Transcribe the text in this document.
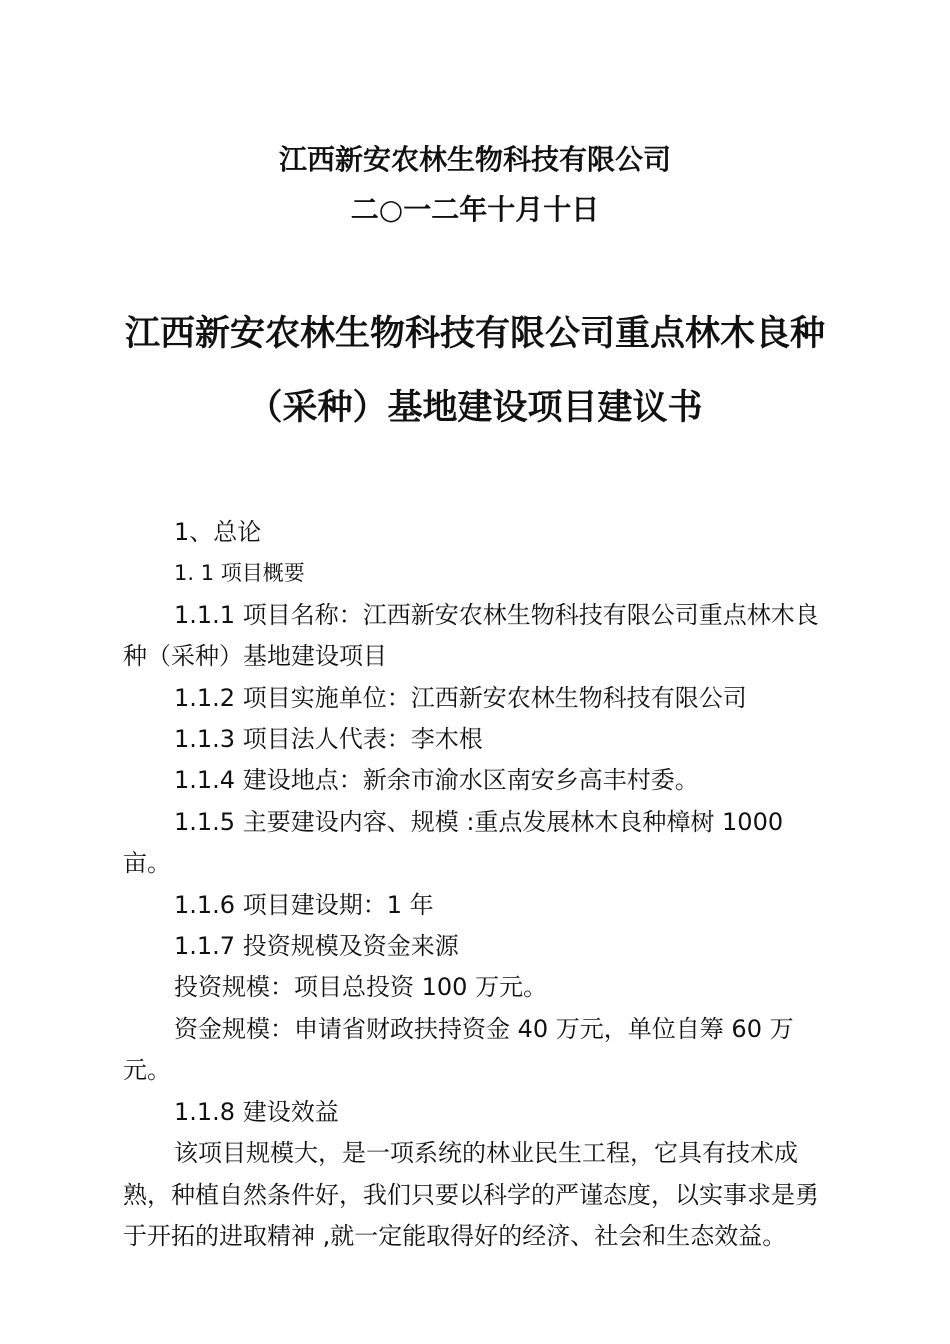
江西新安农林生物科技有限公司
二○一二年十月十日
江西新安农林生物科技有限公司重点林木良种
（采种）基地建设项目建议书

1、总论

1. 1 项目概要

1.1.1 项目名称：江西新安农林生物科技有限公司重点林木良种（采种）基地建设项目

1.1.2 项目实施单位：江西新安农林生物科技有限公司

1.1.3 项目法人代表：李木根

1.1.4 建设地点：新余市渝水区南安乡高丰村委。

1.1.5 主要建设内容、规模 :重点发展林木良种樟树 1000 亩。

1.1.6 项目建设期：1 年

1.1.7 投资规模及资金来源

投资规模：项目总投资 100 万元。

资金规模：申请省财政扶持资金 40 万元，单位自筹 60 万元。

1.1.8 建设效益

该项目规模大，是一项系统的林业民生工程，它具有技术成熟，种植自然条件好，我们只要以科学的严谨态度，以实事求是勇于开拓的进取精神 ,就一定能取得好的经济、社会和生态效益。
